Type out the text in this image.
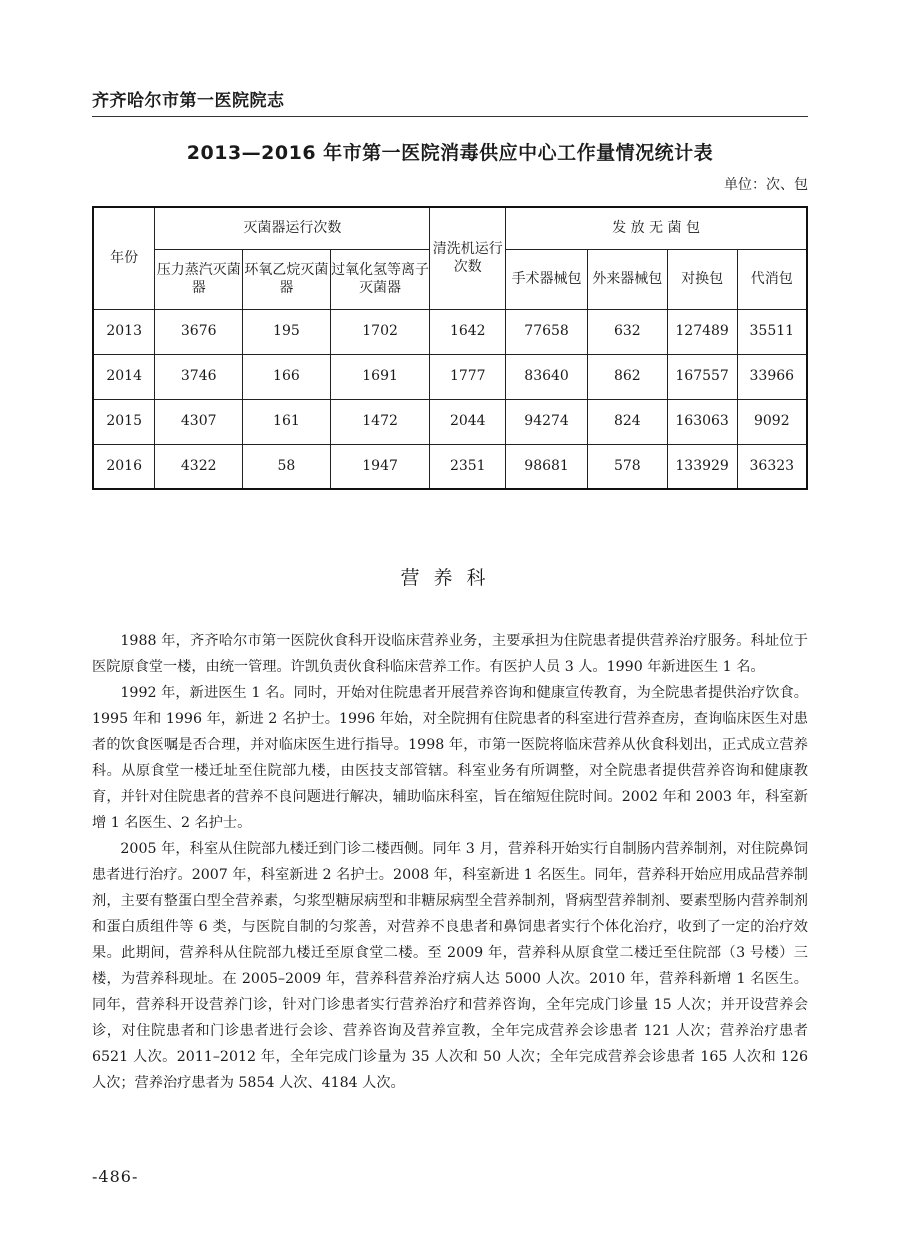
齐齐哈尔市第一医院院志
2013—2016 年市第一医院消毒供应中心工作量情况统计表
单位：次、包
年份	灭菌器运行次数			清洗机运行次数	发 放 无 菌 包			
	压力蒸汽灭菌器	环氧乙烷灭菌器	过氧化氢等离子灭菌器		手术器械包	外来器械包	对换包	代消包
2013	3676	195	1702	1642	77658	632	127489	35511
2014	3746	166	1691	1777	83640	862	167557	33966
2015	4307	161	1472	2044	94274	824	163063	9092
2016	4322	58	1947	2351	98681	578	133929	36323
营养科

1988 年，齐齐哈尔市第一医院伙食科开设临床营养业务，主要承担为住院患者提供营养治疗服务。科址位于医院原食堂一楼，由统一管理。许凯负责伙食科临床营养工作。有医护人员 3 人。1990 年新进医生 1 名。

1992 年，新进医生 1 名。同时，开始对住院患者开展营养咨询和健康宣传教育，为全院患者提供治疗饮食。1995 年和 1996 年，新进 2 名护士。1996 年始，对全院拥有住院患者的科室进行营养查房，查询临床医生对患者的饮食医嘱是否合理，并对临床医生进行指导。1998 年，市第一医院将临床营养从伙食科划出，正式成立营养科。从原食堂一楼迁址至住院部九楼，由医技支部管辖。科室业务有所调整，对全院患者提供营养咨询和健康教育，并针对住院患者的营养不良问题进行解决，辅助临床科室，旨在缩短住院时间。2002 年和 2003 年，科室新增 1 名医生、2 名护士。

2005 年，科室从住院部九楼迁到门诊二楼西侧。同年 3 月，营养科开始实行自制肠内营养制剂，对住院鼻饲患者进行治疗。2007 年，科室新进 2 名护士。2008 年，科室新进 1 名医生。同年，营养科开始应用成品营养制剂，主要有整蛋白型全营养素，匀浆型糖尿病型和非糖尿病型全营养制剂，肾病型营养制剂、要素型肠内营养制剂和蛋白质组件等 6 类，与医院自制的匀浆善，对营养不良患者和鼻饲患者实行个体化治疗，收到了一定的治疗效果。此期间，营养科从住院部九楼迁至原食堂二楼。至 2009 年，营养科从原食堂二楼迁至住院部（3 号楼）三楼，为营养科现址。在 2005–2009 年，营养科营养治疗病人达 5000 人次。2010 年，营养科新增 1 名医生。同年，营养科开设营养门诊，针对门诊患者实行营养治疗和营养咨询，全年完成门诊量 15 人次；并开设营养会诊，对住院患者和门诊患者进行会诊、营养咨询及营养宣教，全年完成营养会诊患者 121 人次；营养治疗患者 6521 人次。2011–2012 年，全年完成门诊量为 35 人次和 50 人次；全年完成营养会诊患者 165 人次和 126 人次；营养治疗患者为 5854 人次、4184 人次。

-486-
